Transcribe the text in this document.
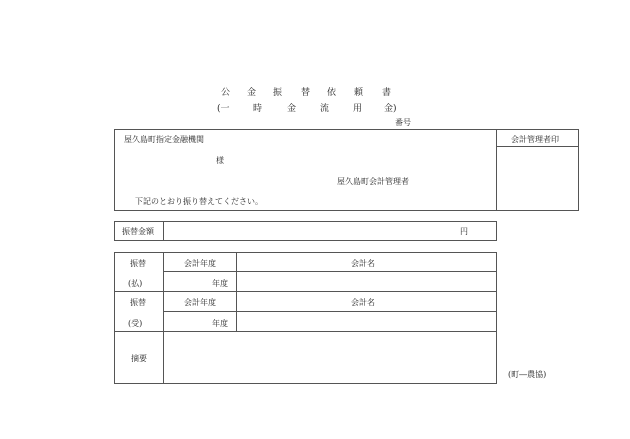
公 金 振 替 依 頼 書
(一	時	金	流	用 金)
番号
屋久島町指定金融機関	会計管理者印
様
屋久島町会計管理者
下記のとおり振り替えてください。
振替金額	円
振替
(払)
会計年度	会計名
年度
振替
(受)
会計年度	会計名
年度
摘要
(町―農協)
